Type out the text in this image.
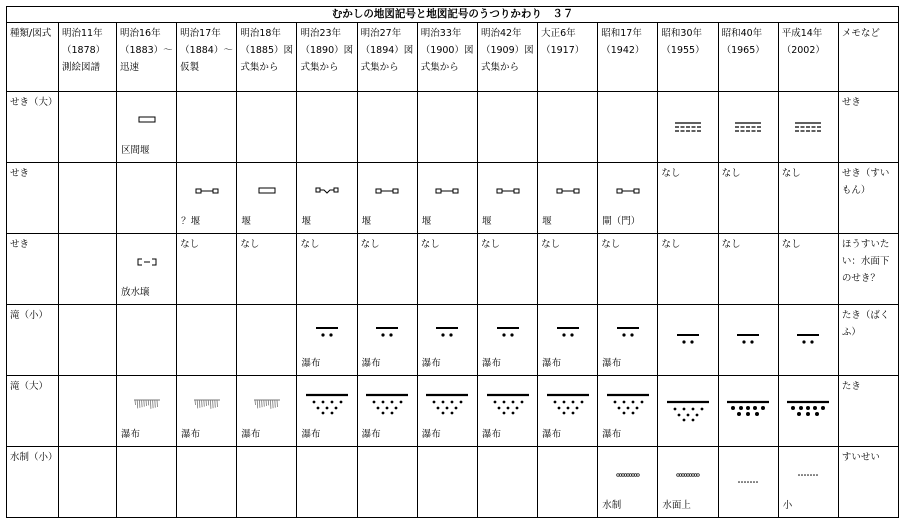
むかしの地図記号と地図記号のうつりかわり　３７														
種類/図式	明治11年（1878）測絵図譜	明治16年（1883）〜迅速	明治17年（1884）〜仮製	明治18年（1885）図式集から	明治23年（1890）図式集から	明治27年（1894）図式集から	明治33年（1900）図式集から	明治42年（1909）図式集から	大正6年（1917）	昭和17年（1942）	昭和30年（1955）	昭和40年（1965）	平成14年（2002）	メモなど
せき（大）		区間堰												せき
せき			？堰	堰	堰	堰	堰	堰	堰	閘（門）	なし	なし	なし	せき（すいもん）
せき		放水壌	なし	なし	なし	なし	なし	なし	なし	なし	なし	なし	なし	ほうすいたい：水面下のせき？
滝（小）					瀑布	瀑布	瀑布	瀑布	瀑布	瀑布				たき（ばくふ）
滝（大）		瀑布	瀑布	瀑布	瀑布	瀑布	瀑布	瀑布	瀑布	瀑布				たき
水制（小）										水制	水面上		小	すいせい
